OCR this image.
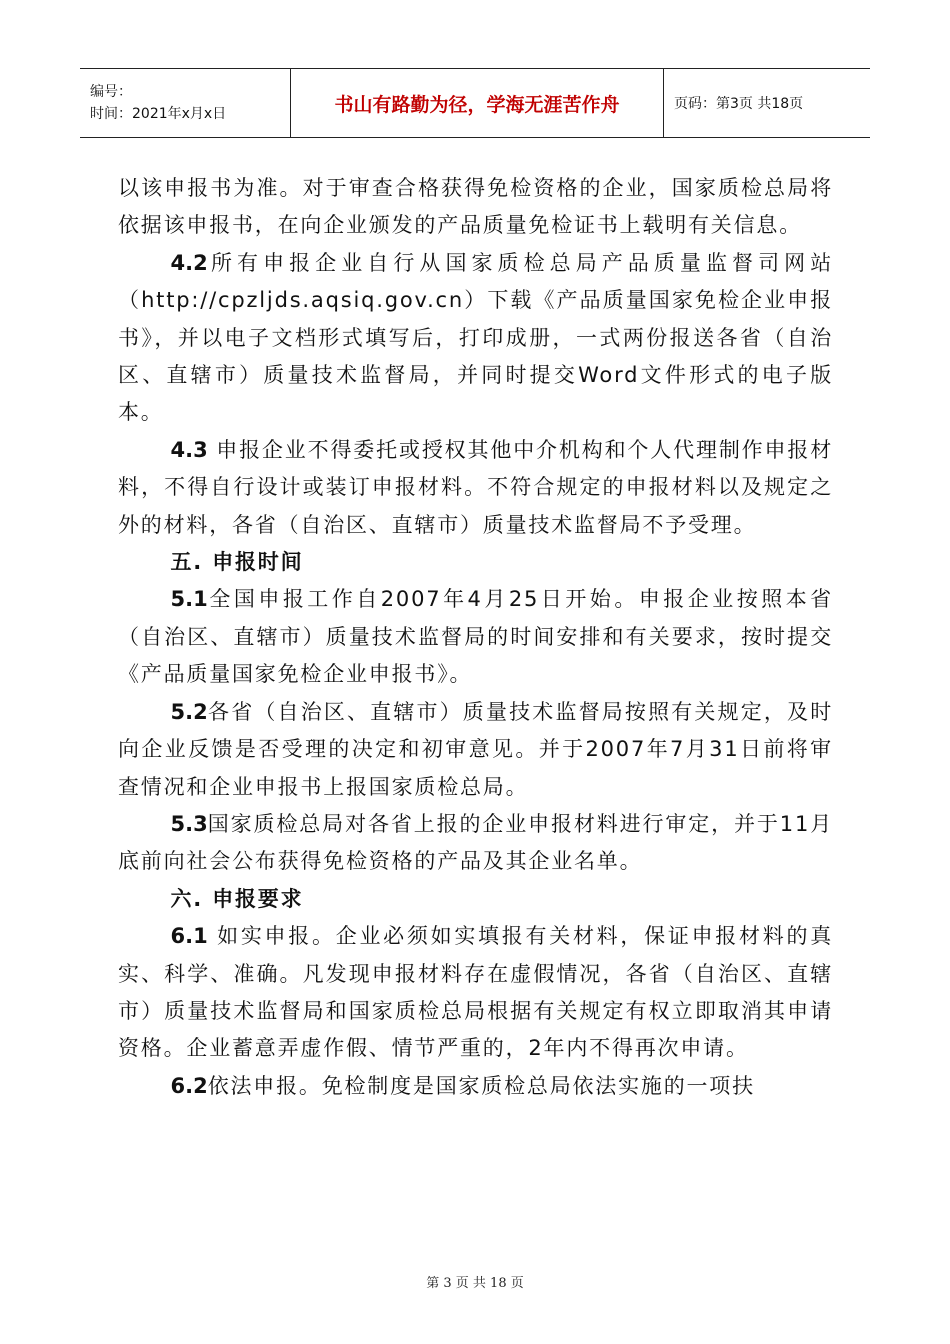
编号：
时间：2021年x月x日	书山有路勤为径，学海无涯苦作舟	页码：第3页 共18页

以该申报书为准。对于审查合格获得免检资格的企业，国家质检总局将依据该申报书，在向企业颁发的产品质量免检证书上载明有关信息。

4.2所有申报企业自行从国家质检总局产品质量监督司网站（http://cpzljds.aqsiq.gov.cn）下载《产品质量国家免检企业申报书》，并以电子文档形式填写后，打印成册，一式两份报送各省（自治区、直辖市）质量技术监督局，并同时提交Word文件形式的电子版本。

4.3 申报企业不得委托或授权其他中介机构和个人代理制作申报材料，不得自行设计或装订申报材料。不符合规定的申报材料以及规定之外的材料，各省（自治区、直辖市）质量技术监督局不予受理。

五. 申报时间

5.1全国申报工作自2007年4月25日开始。申报企业按照本省（自治区、直辖市）质量技术监督局的时间安排和有关要求，按时提交《产品质量国家免检企业申报书》。

5.2各省（自治区、直辖市）质量技术监督局按照有关规定，及时向企业反馈是否受理的决定和初审意见。并于2007年7月31日前将审查情况和企业申报书上报国家质检总局。

5.3国家质检总局对各省上报的企业申报材料进行审定，并于11月底前向社会公布获得免检资格的产品及其企业名单。

六. 申报要求

6.1 如实申报。企业必须如实填报有关材料，保证申报材料的真实、科学、准确。凡发现申报材料存在虚假情况，各省（自治区、直辖市）质量技术监督局和国家质检总局根据有关规定有权立即取消其申请资格。企业蓄意弄虚作假、情节严重的，2年内不得再次申请。

6.2依法申报。免检制度是国家质检总局依法实施的一项扶

第 3 页 共 18 页
